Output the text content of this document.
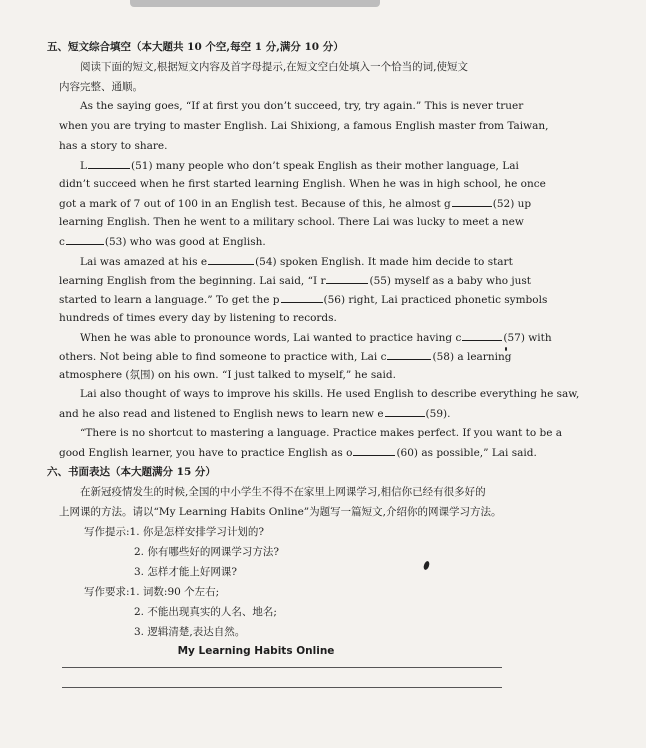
五、短文综合填空（本大题共 10 个空,每空 1 分,满分 10 分）
阅读下面的短文,根据短文内容及首字母提示,在短文空白处填入一个恰当的词,使短文
内容完整、通顺。
As the saying goes, “If at first you don’t succeed, try, try again.” This is never truer
when you are trying to master English. Lai Shixiong, a famous English master from Taiwan,
has a story to share.
L	(51) many people who don’t speak English as their mother language, Lai
didn’t succeed when he first started learning English. When he was in high school, he once
got a mark of 7 out of 100 in an English test. Because of this, he almost g	(52) up
learning English. Then he went to a military school. There Lai was lucky to meet a new
c	(53) who was good at English.
Lai was amazed at his e	(54) spoken English. It made him decide to start
learning English from the beginning. Lai said, “I r	(55) myself as a baby who just
started to learn a language.” To get the p	(56) right, Lai practiced phonetic symbols
hundreds of times every day by listening to records.
When he was able to pronounce words, Lai wanted to practice having c	(57) with
others. Not being able to find someone to practice with, Lai c	(58) a learning
atmosphere (氛围) on his own. “I just talked to myself,” he said.
Lai also thought of ways to improve his skills. He used English to describe everything he saw,
and he also read and listened to English news to learn new e	(59).
“There is no shortcut to mastering a language. Practice makes perfect. If you want to be a
good English learner, you have to practice English as o	(60) as possible,” Lai said.
六、书面表达（本大题满分 15 分）
在新冠疫情发生的时候,全国的中小学生不得不在家里上网课学习,相信你已经有很多好的
上网课的方法。请以“My Learning Habits Online”为题写一篇短文,介绍你的网课学习方法。
写作提示:1. 你是怎样安排学习计划的?
2. 你有哪些好的网课学习方法?
3. 怎样才能上好网课?
写作要求:1. 词数:90 个左右;
2. 不能出现真实的人名、地名;
3. 逻辑清楚,表达自然。
My Learning Habits Online
